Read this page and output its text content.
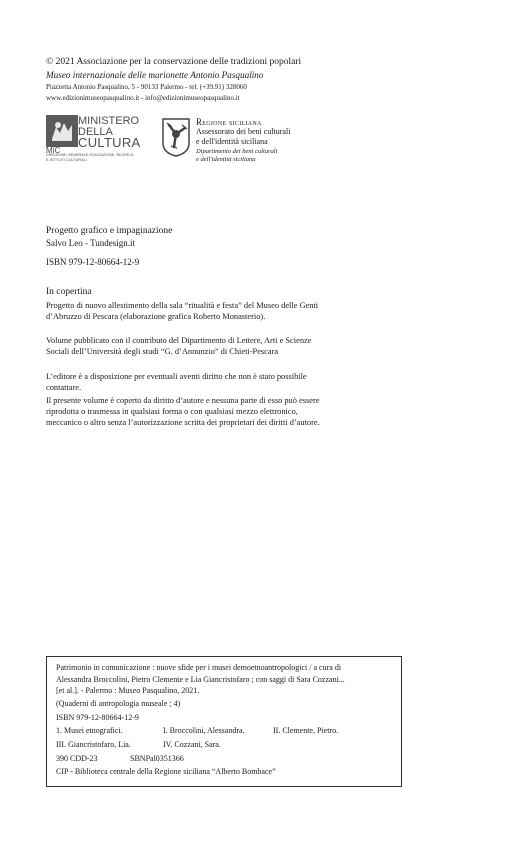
© 2021 Associazione per la conservazione delle tradizioni popolari
Museo internazionale delle marionette Antonio Pasqualino
Piazzetta Antonio Pasqualino, 5 - 90133 Palermo - tel. (+39.91) 328060
www.edizionimuseopasqualino.it - info@edizionimuseopasqualino.it
MINISTERO
DELLA
CULTURA
MiC
DIREZIONE GENERALE EDUCAZIONE, RICERCA
E ISTITUTI CULTURALI
Regione siciliana
Assessorato dei beni culturali
e dell'identità siciliana
Dipartimento dei beni culturali
e dell'identità siciliana
Progetto grafico e impaginazione
Salvo Leo - Tundesign.it
ISBN 979-12-80664-12-9
In copertina
Progetto di nuovo allestimento della sala “ritualità e festa” del Museo delle Genti
d’Abruzzo di Pescara (elaborazione grafica Roberto Monasterio).
Volume pubblicato con il contributo del Dipartimento di Lettere, Arti e Scienze
Sociali dell’Università degli studi “G. d’Annunzio” di Chieti-Pescara
L’editore è a disposizione per eventuali aventi diritto che non è stato possibile
contattare.
Il presente volume è coperto da diritto d’autore e nessuna parte di esso può essere
riprodotta o trasmessa in qualsiasi forma o con qualsiasi mezzo elettronico,
meccanico o altro senza l’autorizzazione scritta dei proprietari dei diritti d’autore.
Patrimonio in comunicazione : nuove sfide per i musei demoetnoantropologici / a cura di
Alessandra Broccolini, Pietro Clemente e Lia Giancristofaro ; con saggi di Sara Cozzani...
[et al.]. - Palermo : Museo Pasqualino, 2021.
(Quaderni di antropologia museale ; 4)
ISBN 979-12-80664-12-9
1. Musei etnografici.	I. Broccolini, Alessandra.	II. Clemente, Pietro.
III. Giancristofaro, Lia.	IV. Cozzani, Sara.
390 CDD-23	SBNPal0351366
CIP - Biblioteca centrale della Regione siciliana “Alberto Bombace”
